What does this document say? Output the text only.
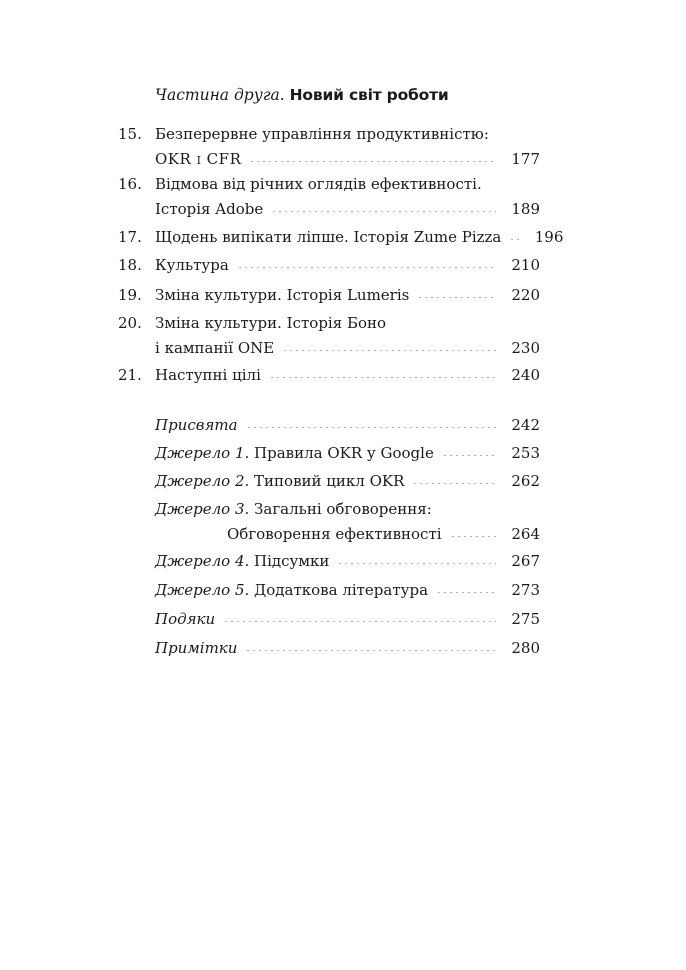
Частина друга. Новий світ роботи
15. Безперервне управління продуктивністю:
OKR і CFR	177
16. Відмова від річних оглядів ефективності.
Історія Adobe	189
17. Щодень випікати ліпше. Історія Zume Pizza	196
18. Культура	210
19. Зміна культури. Історія Lumeris	220
20. Зміна культури. Історія Боно
і кампанії ONE	230
21. Наступні цілі	240
Присвята	242
Джерело 1. Правила OKR у Google	253
Джерело 2. Типовий цикл OKR	262
Джерело 3. Загальні обговорення:
Обговорення ефективності	264
Джерело 4. Підсумки	267
Джерело 5. Додаткова література	273
Подяки	275
Примітки	280
